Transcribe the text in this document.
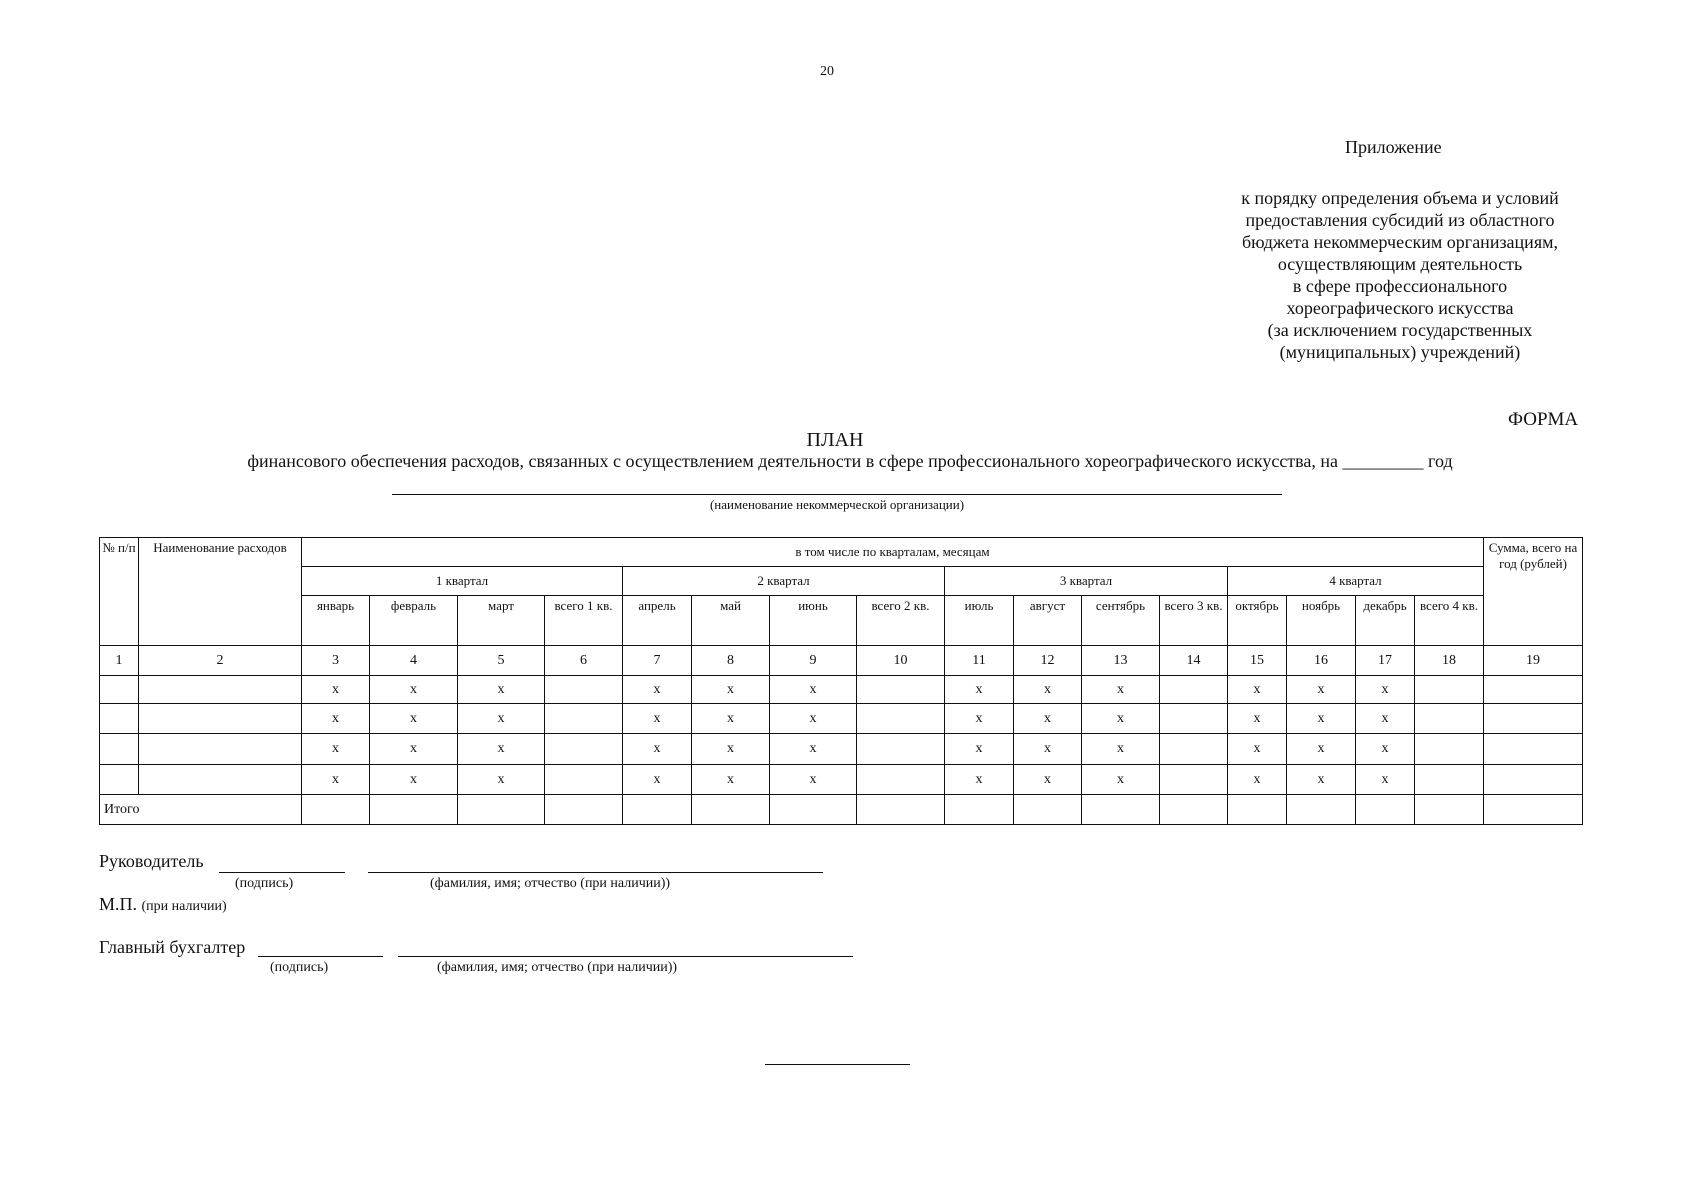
20
Приложение
к порядку определения объема и условий
предоставления субсидий из областного
бюджета некоммерческим организациям,
осуществляющим деятельность
в сфере профессионального
хореографического искусства
(за исключением государственных
(муниципальных) учреждений)
ФОРМА
ПЛАН
финансового обеспечения расходов, связанных с осуществлением деятельности в сфере профессионального хореографического искусства, на _________ год
(наименование некоммерческой организации)
№ п/п	Наименование расходов	в том числе по кварталам, месяцам																Сумма, всего на год (рублей)
		1 квартал				2 квартал				3 квартал				4 квартал				
		январь	февраль	март	всего 1 кв.	апрель	май	июнь	всего 2 кв.	июль	август	сентябрь	всего 3 кв.	октябрь	ноябрь	декабрь	всего 4 кв.	
1	2	3	4	5	6	7	8	9	10	11	12	13	14	15	16	17	18	19
		х	х	х		х	х	х		х	х	х		х	х	х		
		х	х	х		х	х	х		х	х	х		х	х	х		
		х	х	х		х	х	х		х	х	х		х	х	х		
		х	х	х		х	х	х		х	х	х		х	х	х		
Итого																		
Руководитель
(подпись)	(фамилия, имя; отчество (при наличии))
М.П. (при наличии)
Главный бухгалтер
(подпись)	(фамилия, имя; отчество (при наличии))
